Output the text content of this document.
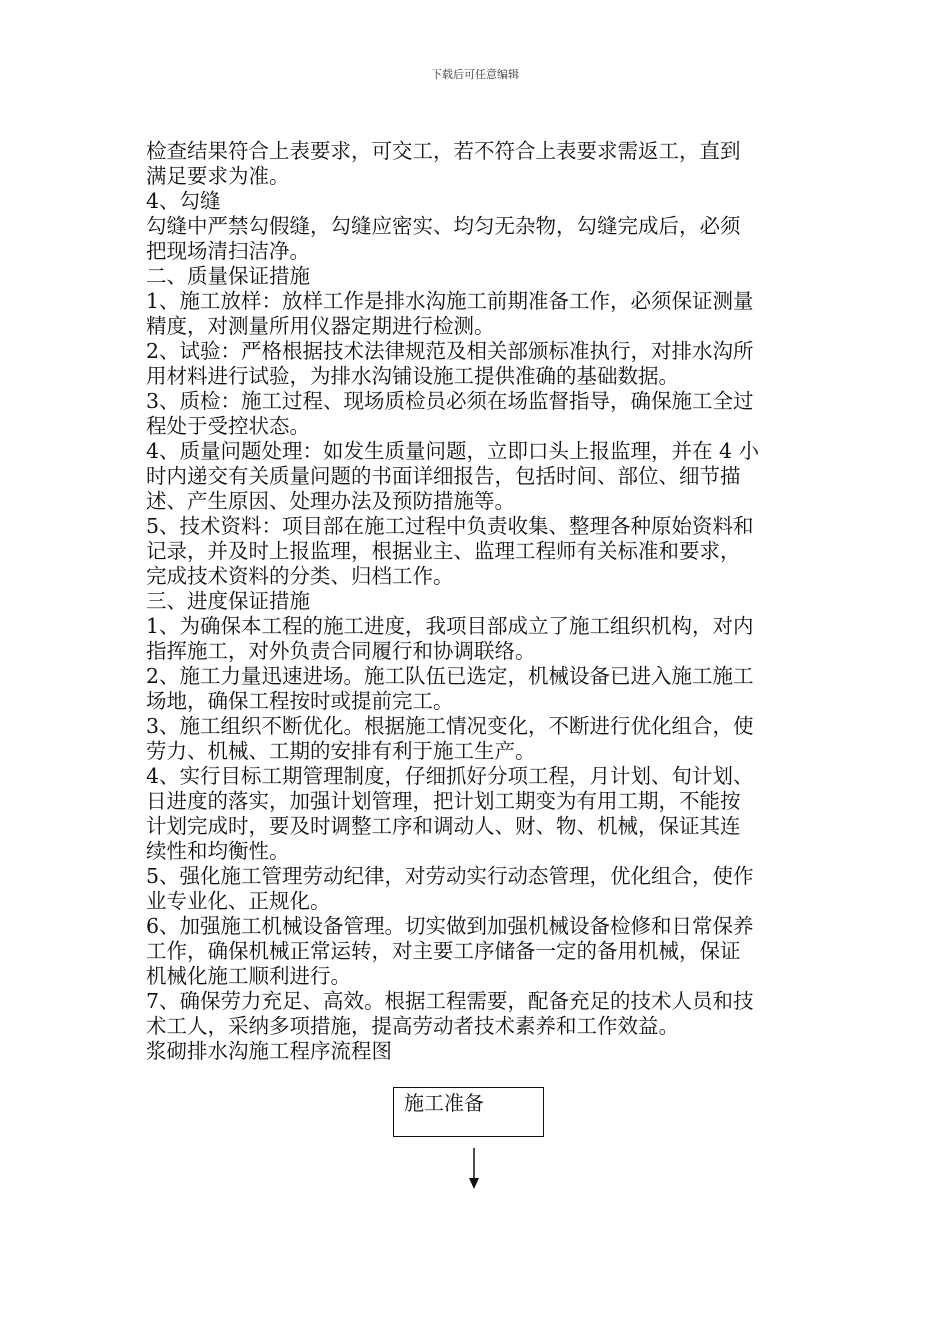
下载后可任意编辑
检查结果符合上表要求，可交工，若不符合上表要求需返工，直到
满足要求为准。
4、勾缝
勾缝中严禁勾假缝，勾缝应密实、均匀无杂物，勾缝完成后，必须
把现场清扫洁净。
二、质量保证措施
1、施工放样：放样工作是排水沟施工前期准备工作，必须保证测量
精度，对测量所用仪器定期进行检测。
2、试验：严格根据技术法律规范及相关部颁标准执行，对排水沟所
用材料进行试验，为排水沟铺设施工提供准确的基础数据。
3、质检：施工过程、现场质检员必须在场监督指导，确保施工全过
程处于受控状态。
4、质量问题处理：如发生质量问题，立即口头上报监理，并在 4 小
时内递交有关质量问题的书面详细报告，包括时间、部位、细节描
述、产生原因、处理办法及预防措施等。
5、技术资料：项目部在施工过程中负责收集、整理各种原始资料和
记录，并及时上报监理，根据业主、监理工程师有关标准和要求，
完成技术资料的分类、归档工作。
三、进度保证措施
1、为确保本工程的施工进度，我项目部成立了施工组织机构，对内
指挥施工，对外负责合同履行和协调联络。
2、施工力量迅速进场。施工队伍已选定，机械设备已进入施工施工
场地，确保工程按时或提前完工。
3、施工组织不断优化。根据施工情况变化，不断进行优化组合，使
劳力、机械、工期的安排有利于施工生产。
4、实行目标工期管理制度，仔细抓好分项工程，月计划、旬计划、
日进度的落实，加强计划管理，把计划工期变为有用工期，不能按
计划完成时，要及时调整工序和调动人、财、物、机械，保证其连
续性和均衡性。
5、强化施工管理劳动纪律，对劳动实行动态管理，优化组合，使作
业专业化、正规化。
6、加强施工机械设备管理。切实做到加强机械设备检修和日常保养
工作，确保机械正常运转，对主要工序储备一定的备用机械，保证
机械化施工顺利进行。
7、确保劳力充足、高效。根据工程需要，配备充足的技术人员和技
术工人，采纳多项措施，提高劳动者技术素养和工作效益。
浆砌排水沟施工程序流程图
施工准备
